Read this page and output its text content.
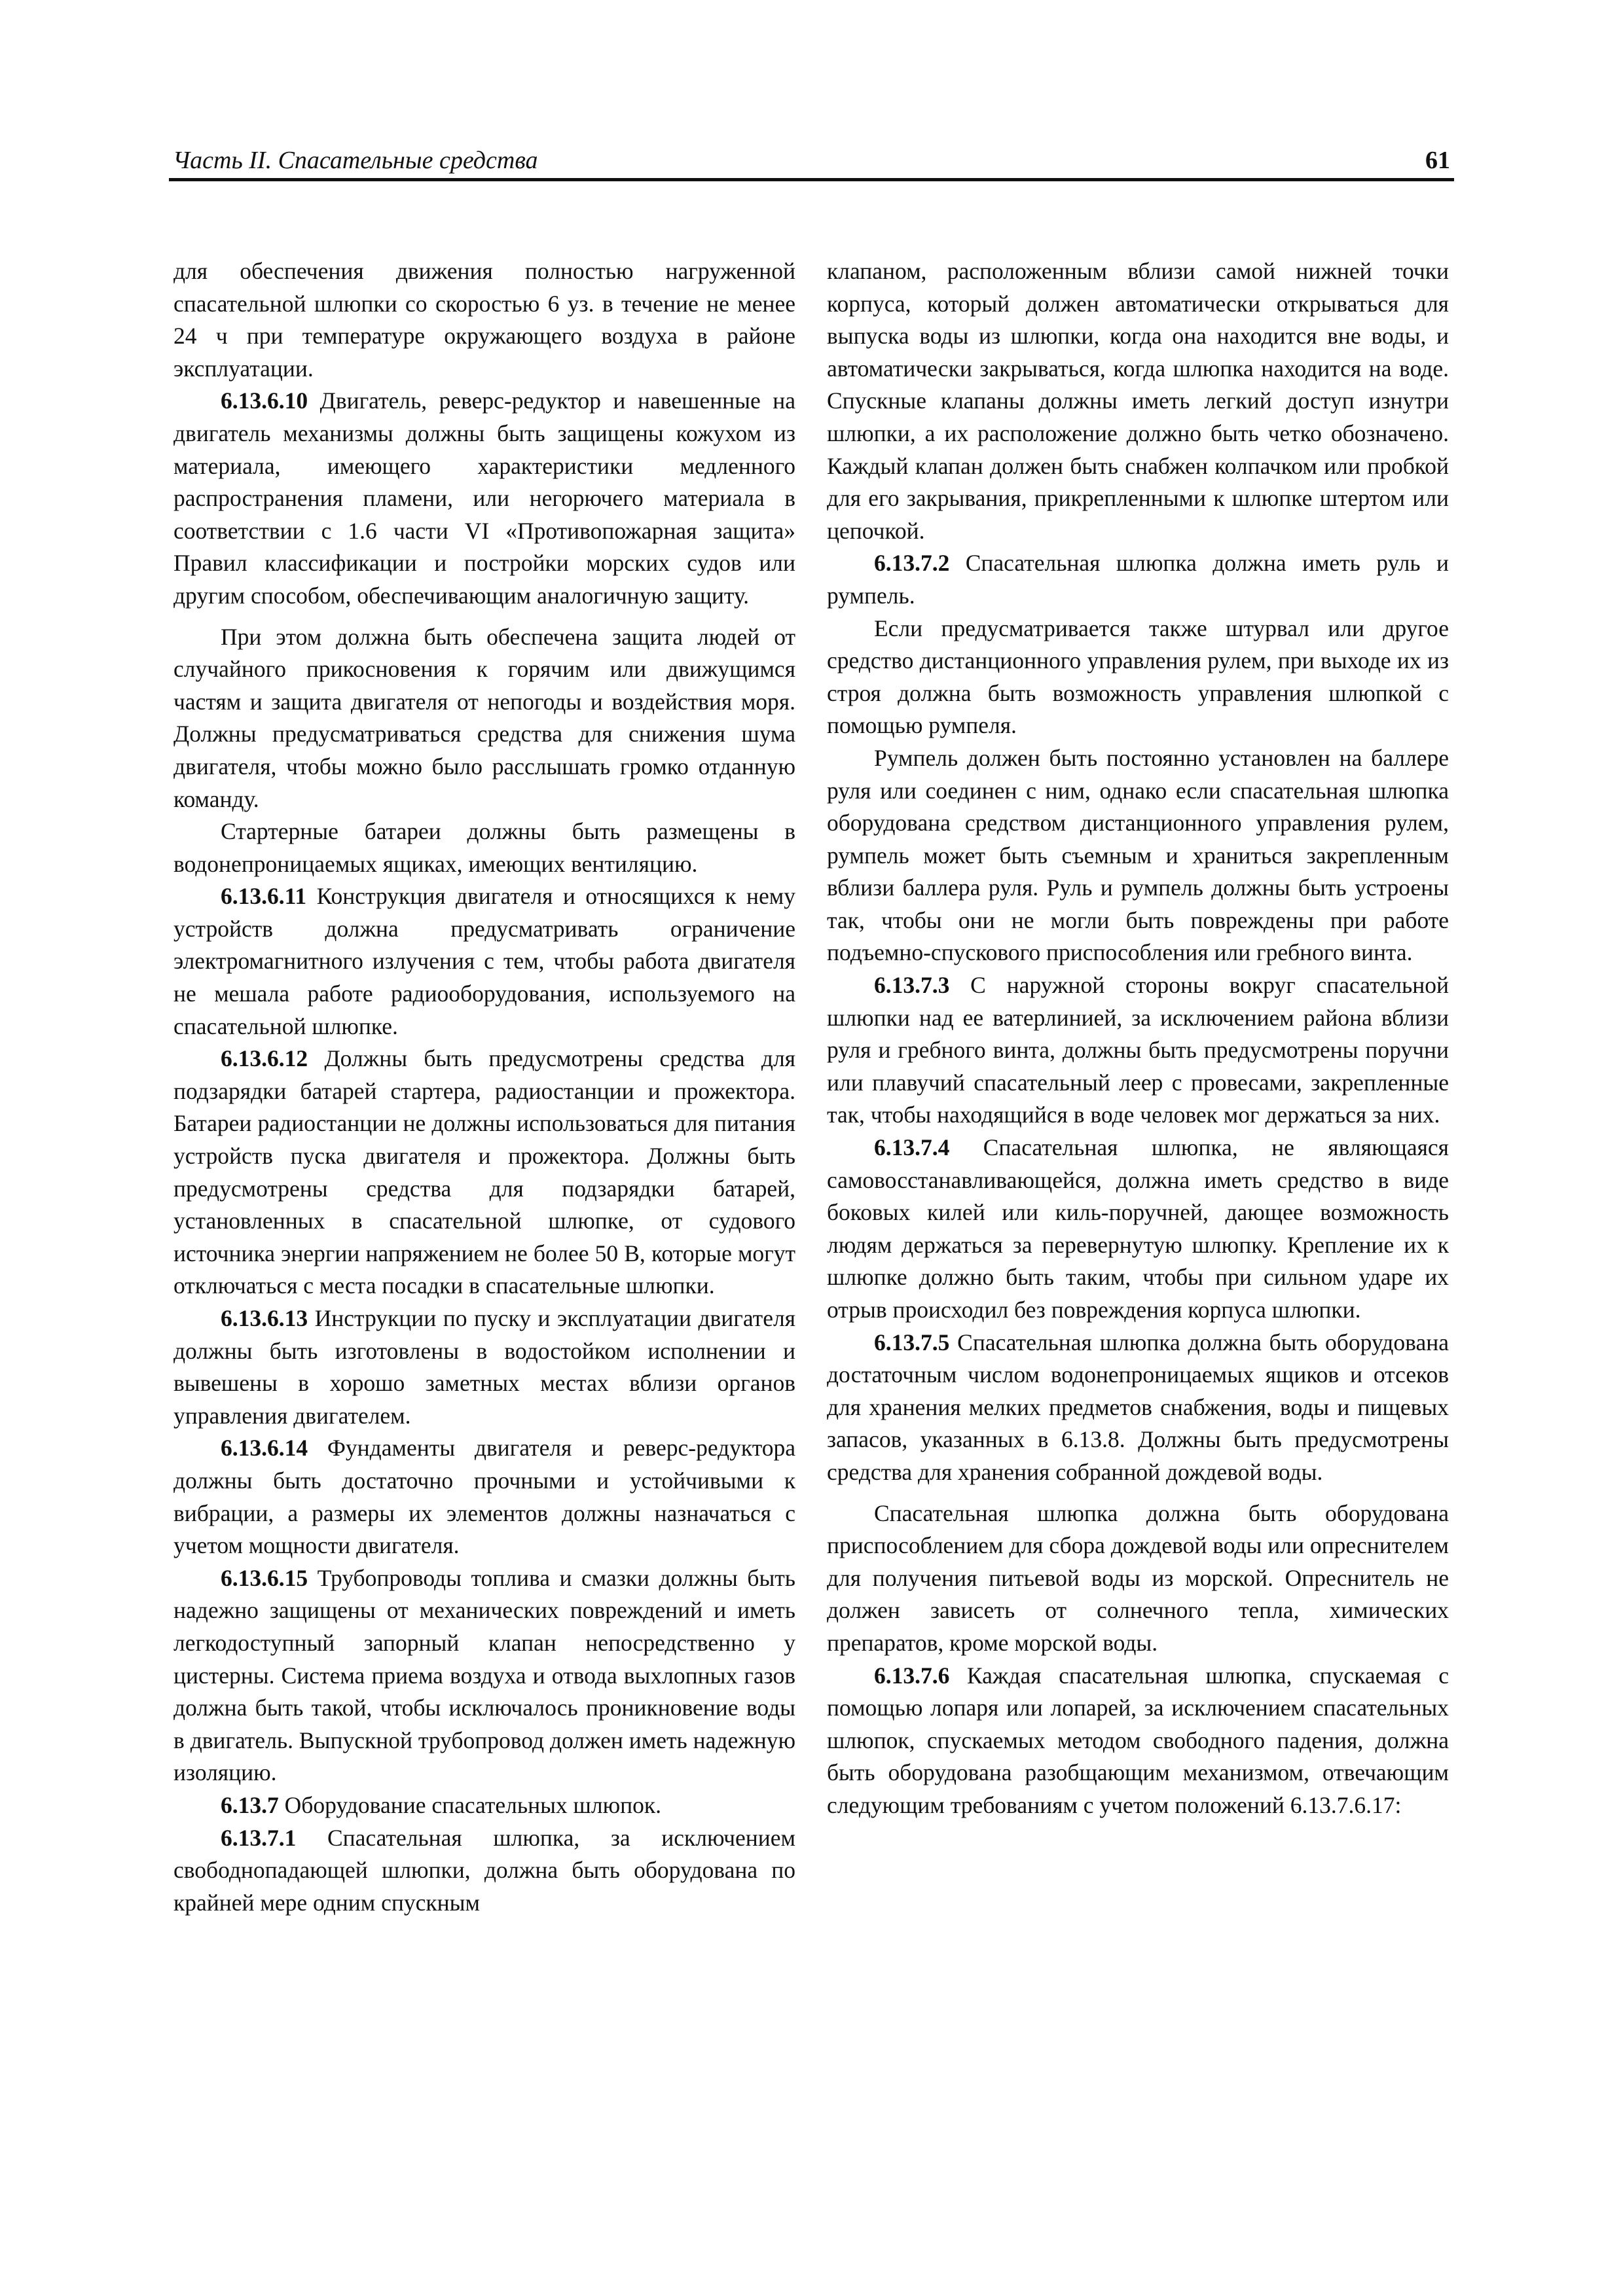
Часть II. Спасательные средства	61

для обеспечения движения полностью нагруженной спасательной шлюпки со скоростью 6 уз. в течение не менее 24 ч при температуре окружающего воздуха в районе эксплуатации.

6.13.6.10 Двигатель, реверс-редуктор и навешенные на двигатель механизмы должны быть защищены кожухом из материала, имеющего характеристики медленного распространения пламени, или негорючего материала в соответствии с 1.6 части VI «Противопожарная защита» Правил классификации и постройки морских судов или другим способом, обеспечивающим аналогичную защиту.

При этом должна быть обеспечена защита людей от случайного прикосновения к горячим или движущимся частям и защита двигателя от непогоды и воздействия моря. Должны предусматриваться средства для снижения шума двигателя, чтобы можно было расслышать громко отданную команду.

Стартерные батареи должны быть размещены в водонепроницаемых ящиках, имеющих вентиляцию.

6.13.6.11 Конструкция двигателя и относящихся к нему устройств должна предусматривать ограничение электромагнитного излучения с тем, чтобы работа двигателя не мешала работе радиооборудования, используемого на спасательной шлюпке.

6.13.6.12 Должны быть предусмотрены средства для подзарядки батарей стартера, радиостанции и прожектора. Батареи радиостанции не должны использоваться для питания устройств пуска двигателя и прожектора. Должны быть предусмотрены средства для подзарядки батарей, установленных в спасательной шлюпке, от судового источника энергии напряжением не более 50 В, которые могут отключаться с места посадки в спасательные шлюпки.

6.13.6.13 Инструкции по пуску и эксплуатации двигателя должны быть изготовлены в водостойком исполнении и вывешены в хорошо заметных местах вблизи органов управления двигателем.

6.13.6.14 Фундаменты двигателя и реверс-редуктора должны быть достаточно прочными и устойчивыми к вибрации, а размеры их элементов должны назначаться с учетом мощности двигателя.

6.13.6.15 Трубопроводы топлива и смазки должны быть надежно защищены от механических повреждений и иметь легкодоступный запорный клапан непосредственно у цистерны. Система приема воздуха и отвода выхлопных газов должна быть такой, чтобы исключалось проникновение воды в двигатель. Выпускной трубопровод должен иметь надежную изоляцию.

6.13.7 Оборудование спасательных шлюпок.

6.13.7.1 Спасательная шлюпка, за исключением свободнопадающей шлюпки, должна быть оборудована по крайней мере одним спускным

клапаном, расположенным вблизи самой нижней точки корпуса, который должен автоматически открываться для выпуска воды из шлюпки, когда она находится вне воды, и автоматически закрываться, когда шлюпка находится на воде. Спускные клапаны должны иметь легкий доступ изнутри шлюпки, а их расположение должно быть четко обозначено. Каждый клапан должен быть снабжен колпачком или пробкой для его закрывания, прикрепленными к шлюпке штертом или цепочкой.

6.13.7.2 Спасательная шлюпка должна иметь руль и румпель.

Если предусматривается также штурвал или другое средство дистанционного управления рулем, при выходе их из строя должна быть возможность управления шлюпкой с помощью румпеля.

Румпель должен быть постоянно установлен на баллере руля или соединен с ним, однако если спасательная шлюпка оборудована средством дистанционного управления рулем, румпель может быть съемным и храниться закрепленным вблизи баллера руля. Руль и румпель должны быть устроены так, чтобы они не могли быть повреждены при работе подъемно-спускового приспособления или гребного винта.

6.13.7.3 С наружной стороны вокруг спасательной шлюпки над ее ватерлинией, за исключением района вблизи руля и гребного винта, должны быть предусмотрены поручни или плавучий спасательный леер с провесами, закрепленные так, чтобы находящийся в воде человек мог держаться за них.

6.13.7.4 Спасательная шлюпка, не являющаяся самовосстанавливающейся, должна иметь средство в виде боковых килей или киль-поручней, дающее возможность людям держаться за перевернутую шлюпку. Крепление их к шлюпке должно быть таким, чтобы при сильном ударе их отрыв происходил без повреждения корпуса шлюпки.

6.13.7.5 Спасательная шлюпка должна быть оборудована достаточным числом водонепроницаемых ящиков и отсеков для хранения мелких предметов снабжения, воды и пищевых запасов, указанных в 6.13.8. Должны быть предусмотрены средства для хранения собранной дождевой воды.

Спасательная шлюпка должна быть оборудована приспособлением для сбора дождевой воды или опреснителем для получения питьевой воды из морской. Опреснитель не должен зависеть от солнечного тепла, химических препаратов, кроме морской воды.

6.13.7.6 Каждая спасательная шлюпка, спускаемая с помощью лопаря или лопарей, за исключением спасательных шлюпок, спускаемых методом свободного падения, должна быть оборудована разобщающим механизмом, отвечающим следующим требованиям с учетом положений 6.13.7.6.17:
